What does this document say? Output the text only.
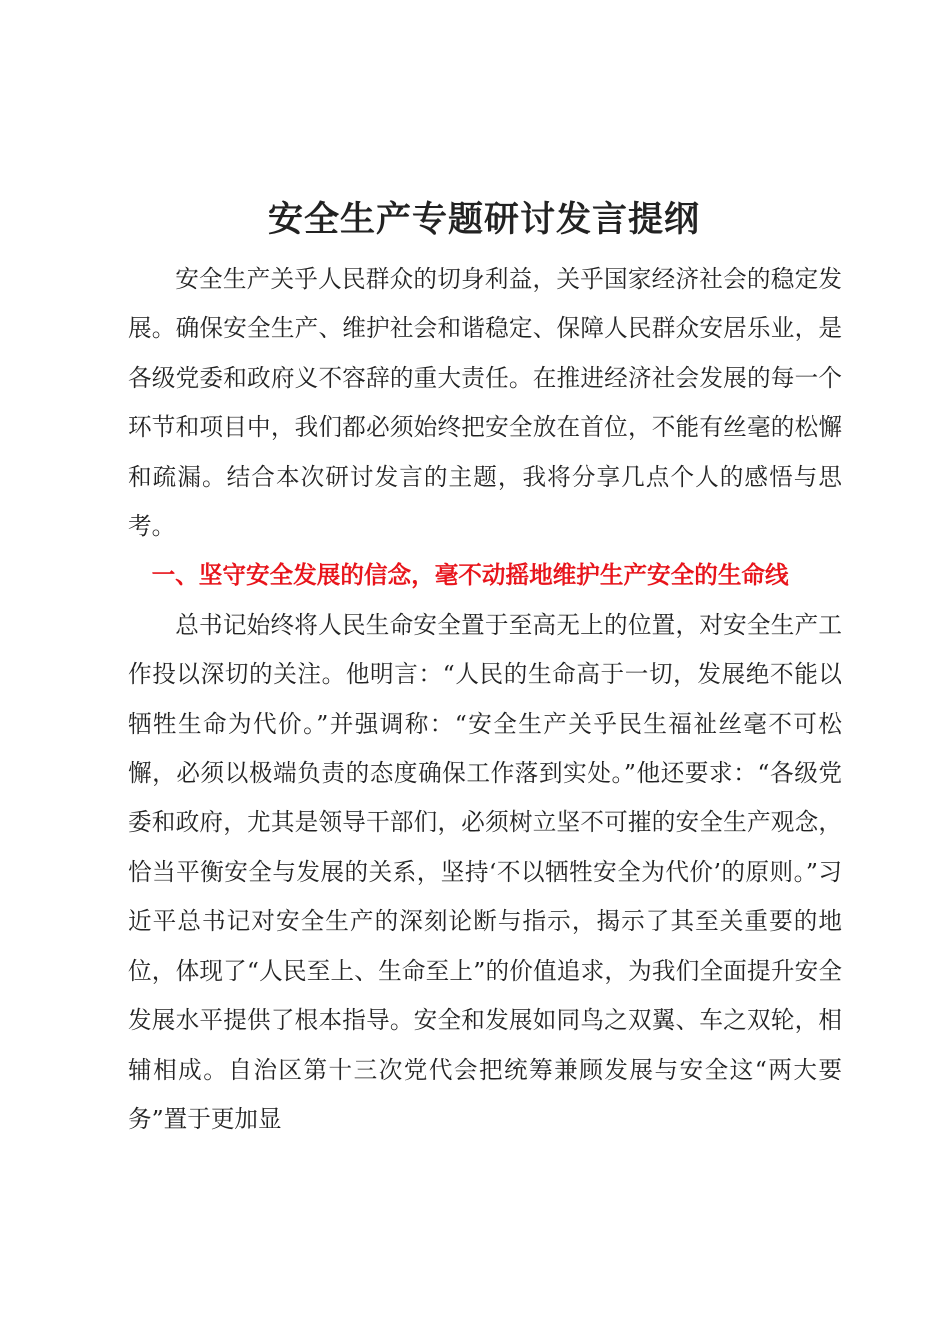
安全生产专题研讨发言提纲

安全生产关乎人民群众的切身利益，关乎国家经济社会的稳定发展。确保安全生产、维护社会和谐稳定、保障人民群众安居乐业，是各级党委和政府义不容辞的重大责任。在推进经济社会发展的每一个环节和项目中，我们都必须始终把安全放在首位，不能有丝毫的松懈和疏漏。结合本次研讨发言的主题，我将分享几点个人的感悟与思考。

一、坚守安全发展的信念，毫不动摇地维护生产安全的生命线

总书记始终将人民生命安全置于至高无上的位置，对安全生产工作投以深切的关注。他明言：“人民的生命高于一切，发展绝不能以牺牲生命为代价。”并强调称：“安全生产关乎民生福祉丝毫不可松懈，必须以极端负责的态度确保工作落到实处。”他还要求：“各级党委和政府，尤其是领导干部们，必须树立坚不可摧的安全生产观念，恰当平衡安全与发展的关系，坚持‘不以牺牲安全为代价’的原则。”习近平总书记对安全生产的深刻论断与指示，揭示了其至关重要的地位，体现了“人民至上、生命至上”的价值追求，为我们全面提升安全发展水平提供了根本指导。安全和发展如同鸟之双翼、车之双轮，相辅相成。自治区第十三次党代会把统筹兼顾发展与安全这“两大要务”置于更加显
